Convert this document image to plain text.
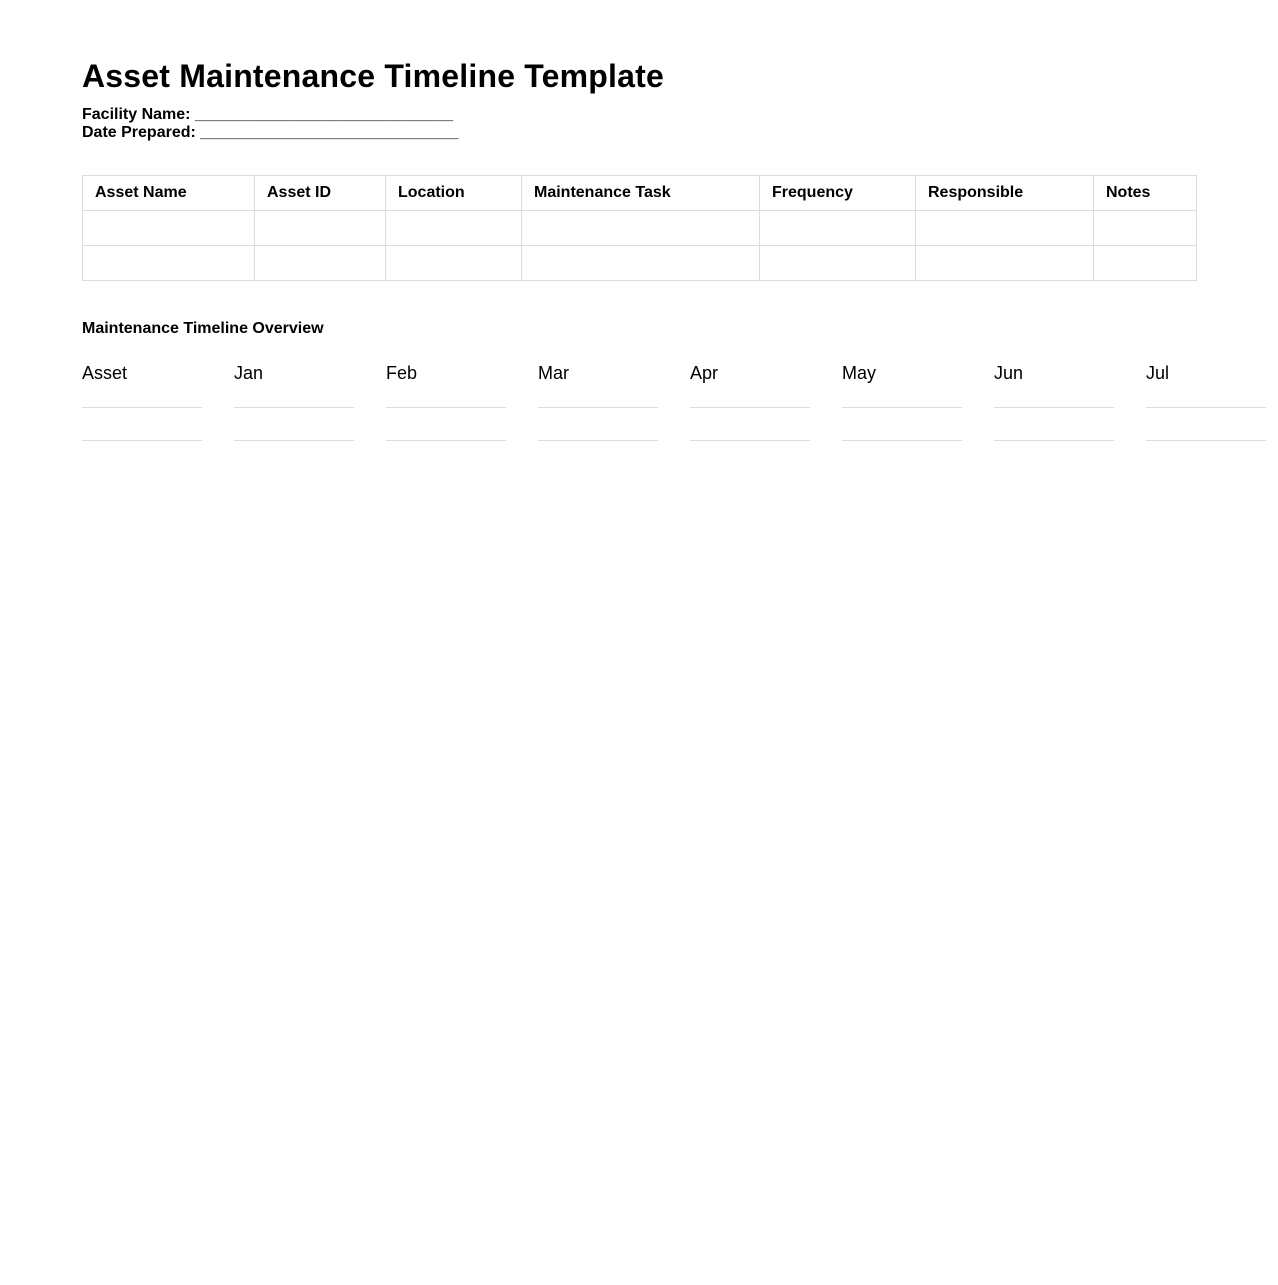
Asset Maintenance Timeline Template
Facility Name: _____________________________
Date Prepared: _____________________________
Asset Name	Asset ID	Location	Maintenance Task	Frequency	Responsible	Notes

Maintenance Timeline Overview
Asset	Jan	Feb	Mar	Apr	May	Jun	Jul
